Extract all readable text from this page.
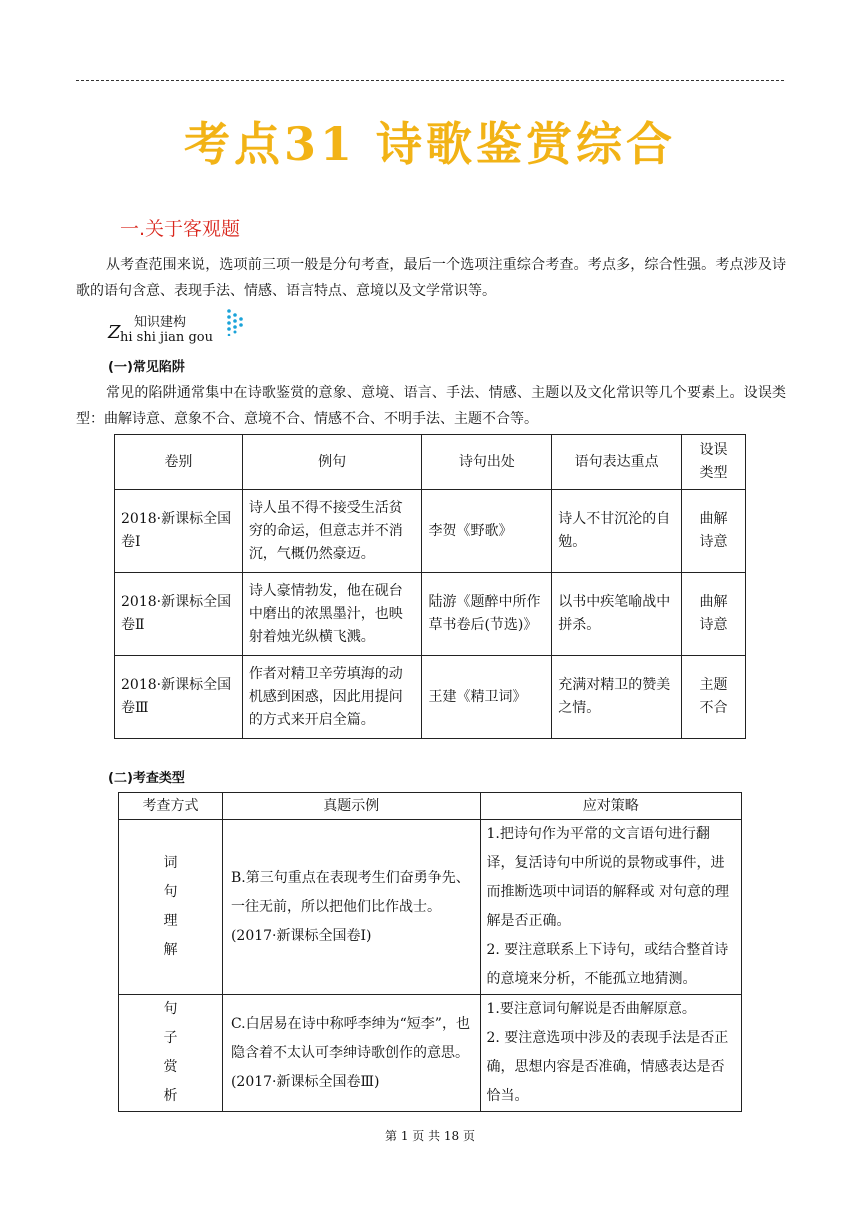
考点31 诗歌鉴赏综合
一.关于客观题
从考查范围来说，选项前三项一般是分句考查，最后一个选项注重综合考查。考点多，综合性强。考点涉及诗歌的语句含意、表现手法、情感、语言特点、意境以及文学常识等。
Z 知识建构
hi shi jian gou
(一)常见陷阱
常见的陷阱通常集中在诗歌鉴赏的意象、意境、语言、手法、情感、主题以及文化常识等几个要素上。设误类型：曲解诗意、意象不合、意境不合、情感不合、不明手法、主题不合等。
卷别	例句	诗句出处	语句表达重点	设误类型
2018·新课标全国卷Ⅰ	诗人虽不得不接受生活贫穷的命运，但意志并不消沉，气概仍然豪迈。	李贺《野歌》	诗人不甘沉沦的自勉。	曲解诗意
2018·新课标全国卷Ⅱ	诗人豪情勃发，他在砚台中磨出的浓黑墨汁，也映射着烛光纵横飞溅。	陆游《题醉中所作草书卷后(节选)》	以书中疾笔喻战中拼杀。	曲解诗意
2018·新课标全国卷Ⅲ	作者对精卫辛劳填海的动机感到困惑，因此用提问的方式来开启全篇。	王建《精卫词》	充满对精卫的赞美之情。	主题不合
(二)考查类型
考查方式	真题示例	应对策略
词句理解	B.第三句重点在表现考生们奋勇争先、一往无前，所以把他们比作战士。(2017·新课标全国卷Ⅰ)	1.把诗句作为平常的文言语句进行翻译，复活诗句中所说的景物或事件，进而推断选项中词语的解释或 对句意的理解是否正确。
2. 要注意联系上下诗句，或结合整首诗的意境来分析，不能孤立地猜测。

句子赏析	C.白居易在诗中称呼李绅为“短李”，也隐含着不太认可李绅诗歌创作的意思。(2017·新课标全国卷Ⅲ)	1.要注意词句解说是否曲解原意。
2. 要注意选项中涉及的表现手法是否正确，思想内容是否准确，情感表达是否恰当。
第 1 页 共 18 页
